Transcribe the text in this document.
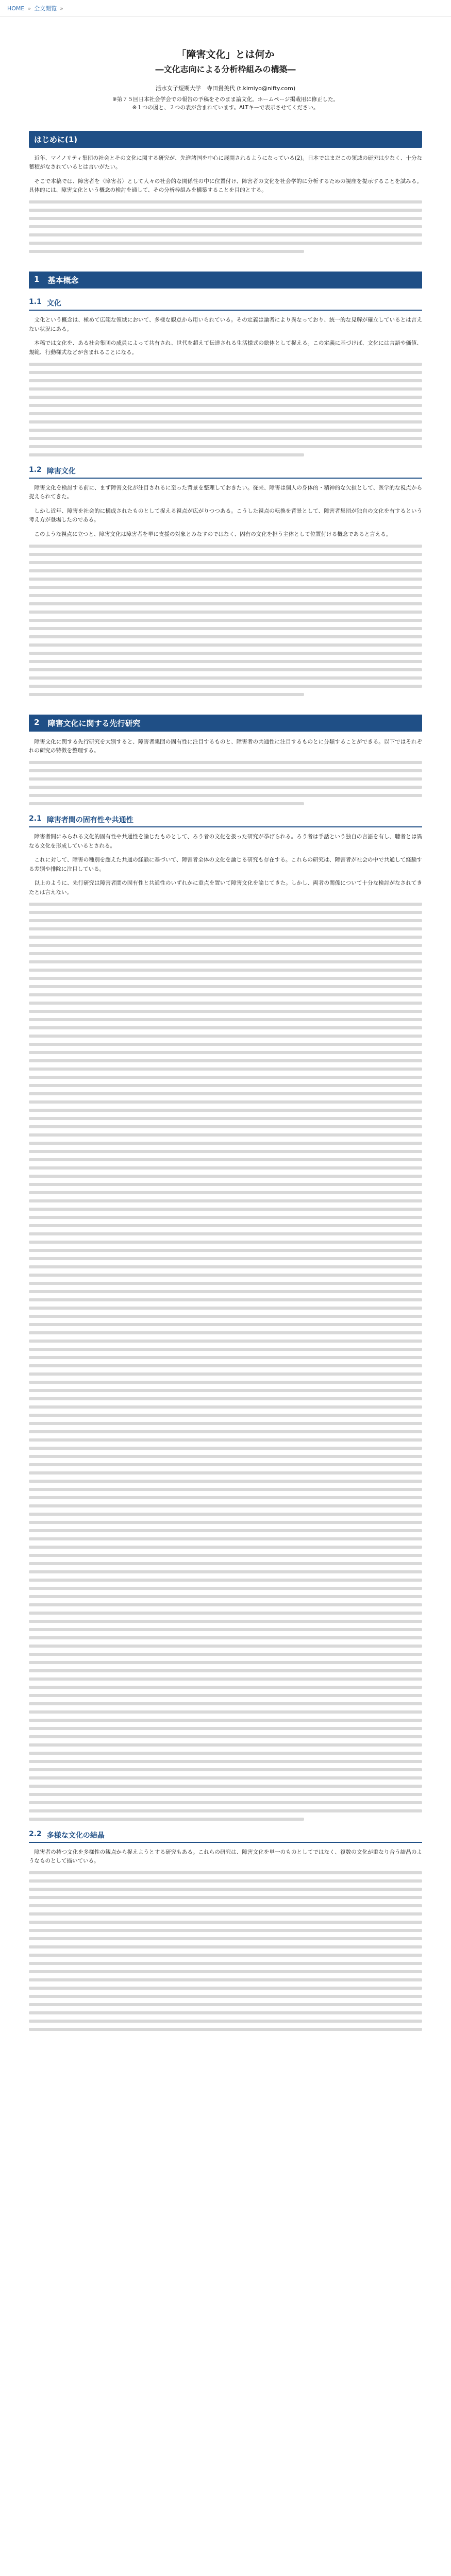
HOME » 全文閲覧 »
「障害文化」とは何か
―文化志向による分析枠組みの構築―
活水女子短期大学　寺田貴美代 (t.kimiyo@nifty.com)
※第７５回日本社会学会での報告の予稿をそのまま論文化。ホームページ掲載用に修正した。
※１つの図と、２つの表が含まれています。ALTキーで表示させてください。
はじめに(1)

近年、マイノリティ集団の社会とその文化に関する研究が、先進諸国を中心に展開されるようになっている(2)。日本ではまだこの領域の研究は少なく、十分な蓄積がなされているとは言いがたい。

そこで本稿では、障害者を〈障害者〉として人々の社会的な関係性の中に位置付け、障害者の文化を社会学的に分析するための視座を提示することを試みる。具体的には、障害文化という概念の検討を通して、その分析枠組みを構築することを目的とする。

1 基本概念
1.1 文化

文化という概念は、極めて広範な領域において、多様な観点から用いられている。その定義は論者により異なっており、統一的な見解が確立しているとは言えない状況にある。

本稿では文化を、ある社会集団の成員によって共有され、世代を超えて伝達される生活様式の総体として捉える。この定義に基づけば、文化には言語や価値、規範、行動様式などが含まれることになる。

1.2 障害文化

障害文化を検討する前に、まず障害文化が注目されるに至った背景を整理しておきたい。従来、障害は個人の身体的・精神的な欠損として、医学的な視点から捉えられてきた。

しかし近年、障害を社会的に構成されたものとして捉える視点が広がりつつある。こうした視点の転換を背景として、障害者集団が独自の文化を有するという考え方が登場したのである。

このような視点に立つと、障害文化は障害者を単に支援の対象とみなすのではなく、固有の文化を担う主体として位置付ける概念であると言える。

2 障害文化に関する先行研究

障害文化に関する先行研究を大別すると、障害者集団の固有性に注目するものと、障害者の共通性に注目するものとに分類することができる。以下ではそれぞれの研究の特徴を整理する。

2.1 障害者間の固有性や共通性

障害者間にみられる文化的固有性や共通性を論じたものとして、ろう者の文化を扱った研究が挙げられる。ろう者は手話という独自の言語を有し、聴者とは異なる文化を形成しているとされる。

これに対して、障害の種別を超えた共通の経験に基づいて、障害者全体の文化を論じる研究も存在する。これらの研究は、障害者が社会の中で共通して経験する差別や排除に注目している。

以上のように、先行研究は障害者間の固有性と共通性のいずれかに重点を置いて障害文化を論じてきた。しかし、両者の関係について十分な検討がなされてきたとは言えない。

2.2 多様な文化の結晶

障害者の持つ文化を多様性の観点から捉えようとする研究もある。これらの研究は、障害文化を単一のものとしてではなく、複数の文化が重なり合う結晶のようなものとして描いている。
